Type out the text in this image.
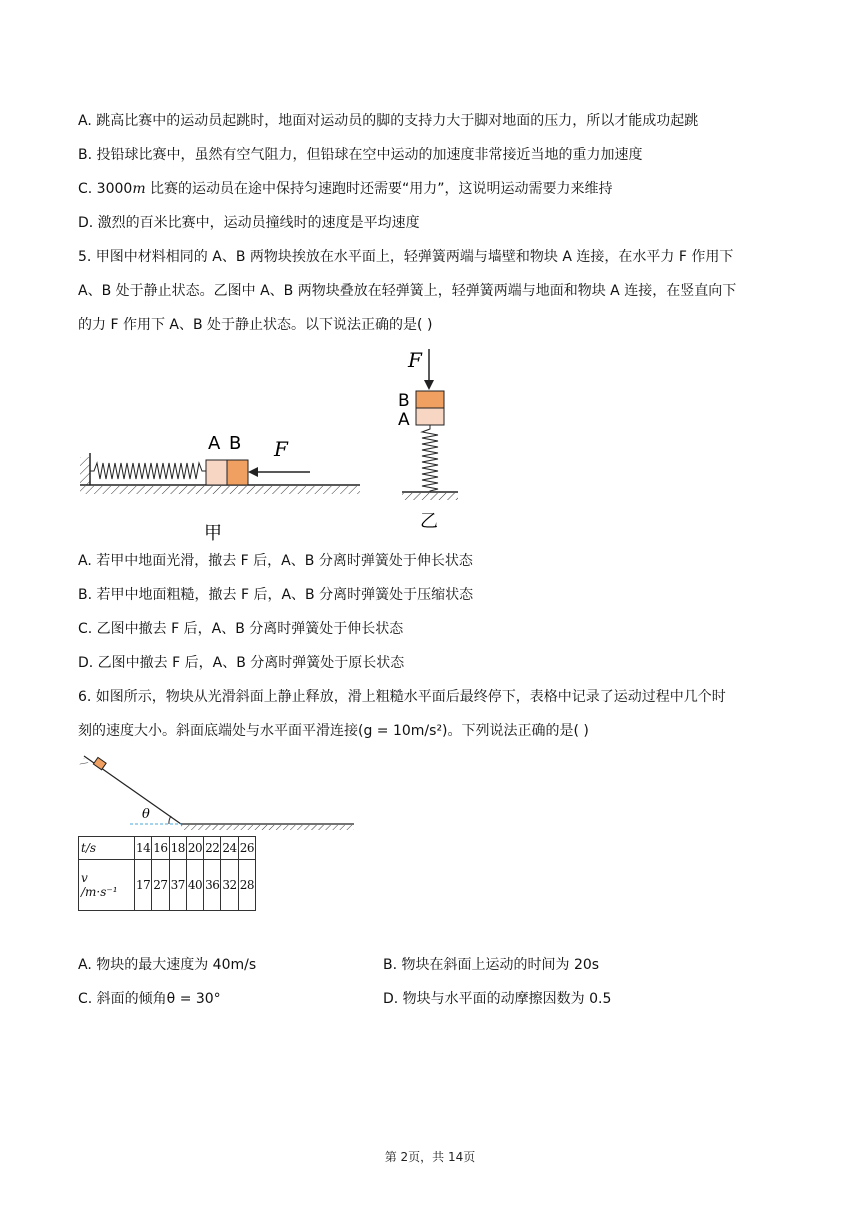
A. 跳高比赛中的运动员起跳时，地面对运动员的脚的支持力大于脚对地面的压力，所以才能成功起跳
B. 投铅球比赛中，虽然有空气阻力，但铅球在空中运动的加速度非常接近当地的重力加速度
C. 3000m 比赛的运动员在途中保持匀速跑时还需要“用力”，这说明运动需要力来维持
D. 激烈的百米比赛中，运动员撞线时的速度是平均速度
5. 甲图中材料相同的 A、B 两物块挨放在水平面上，轻弹簧两端与墙壁和物块 A 连接，在水平力 F 作用下
A、B 处于静止状态。乙图中 A、B 两物块叠放在轻弹簧上，轻弹簧两端与地面和物块 A 连接，在竖直向下
的力 F 作用下 A、B 处于静止状态。以下说法正确的是( )
A B F
甲
F
B
A
乙
A. 若甲中地面光滑，撤去 F 后，A、B 分离时弹簧处于伸长状态
B. 若甲中地面粗糙，撤去 F 后，A、B 分离时弹簧处于压缩状态
C. 乙图中撤去 F 后，A、B 分离时弹簧处于伸长状态
D. 乙图中撤去 F 后，A、B 分离时弹簧处于原长状态
6. 如图所示，物块从光滑斜面上静止释放，滑上粗糙水平面后最终停下，表格中记录了运动过程中几个时
刻的速度大小。斜面底端处与水平面平滑连接(g = 10m/s²)。下列说法正确的是( )
θ
t/s	14	16	18	20	22	24	26

v
/m·s⁻¹	17	27	37	40	36	32	28
A. 物块的最大速度为 40m/s	B. 物块在斜面上运动的时间为 20s
C. 斜面的倾角θ = 30°	D. 物块与水平面的动摩擦因数为 0.5
第 2页，共 14页
